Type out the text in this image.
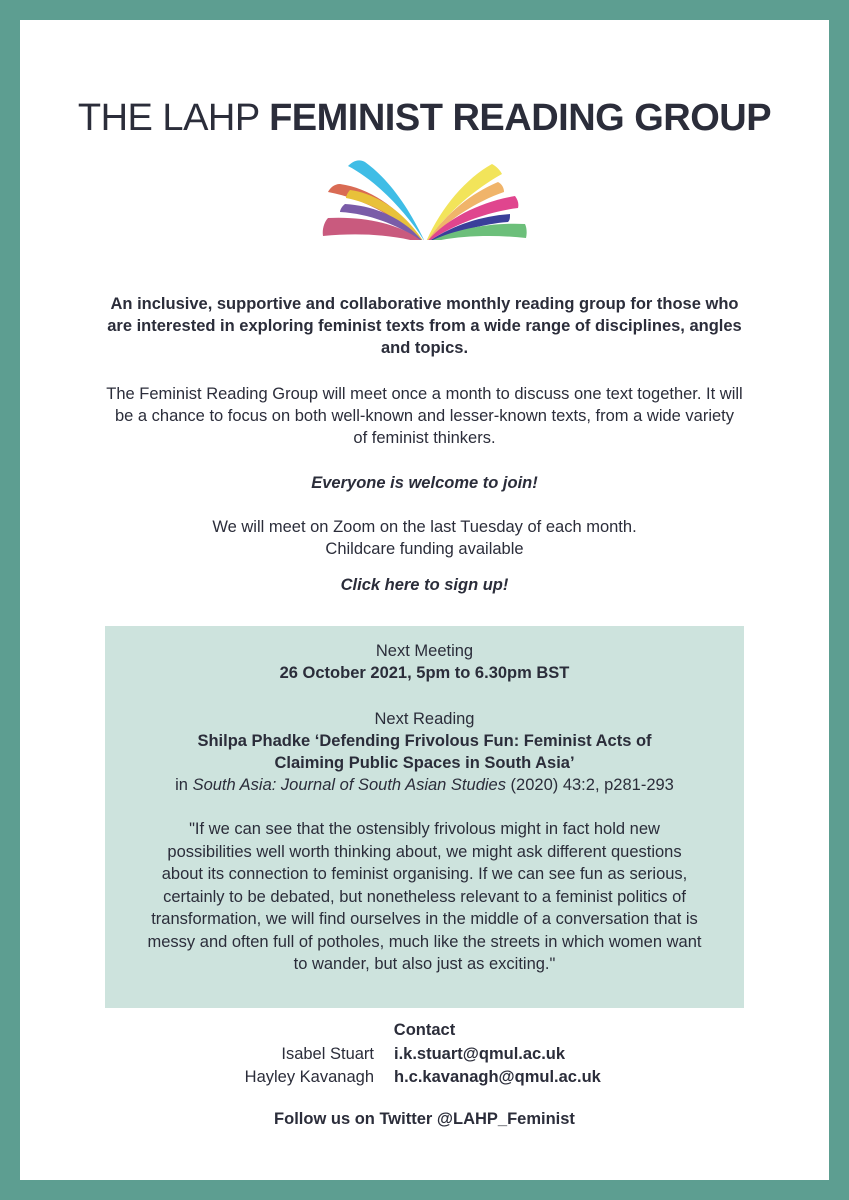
THE LAHP FEMINIST READING GROUP
An inclusive, supportive and collaborative monthly reading group for those who are interested in exploring feminist texts from a wide range of disciplines, angles and topics.
The Feminist Reading Group will meet once a month to discuss one text together. It will be a chance to focus on both well-known and lesser-known texts, from a wide variety of feminist thinkers.
Everyone is welcome to join!
We will meet on Zoom on the last Tuesday of each month.
Childcare funding available
Click here to sign up!
Next Meeting
26 October 2021, 5pm to 6.30pm BST
Next Reading
Shilpa Phadke ‘Defending Frivolous Fun: Feminist Acts of
Claiming Public Spaces in South Asia’
in South Asia: Journal of South Asian Studies (2020) 43:2, p281-293
"If we can see that the ostensibly frivolous might in fact hold new possibilities well worth thinking about, we might ask different questions about its connection to feminist organising. If we can see fun as serious, certainly to be debated, but nonetheless relevant to a feminist politics of transformation, we will find ourselves in the middle of a conversation that is messy and often full of potholes, much like the streets in which women want to wander, but also just as exciting."
Contact
Isabel Stuart i.k.stuart@qmul.ac.uk
Hayley Kavanagh h.c.kavanagh@qmul.ac.uk
Follow us on Twitter @LAHP_Feminist
